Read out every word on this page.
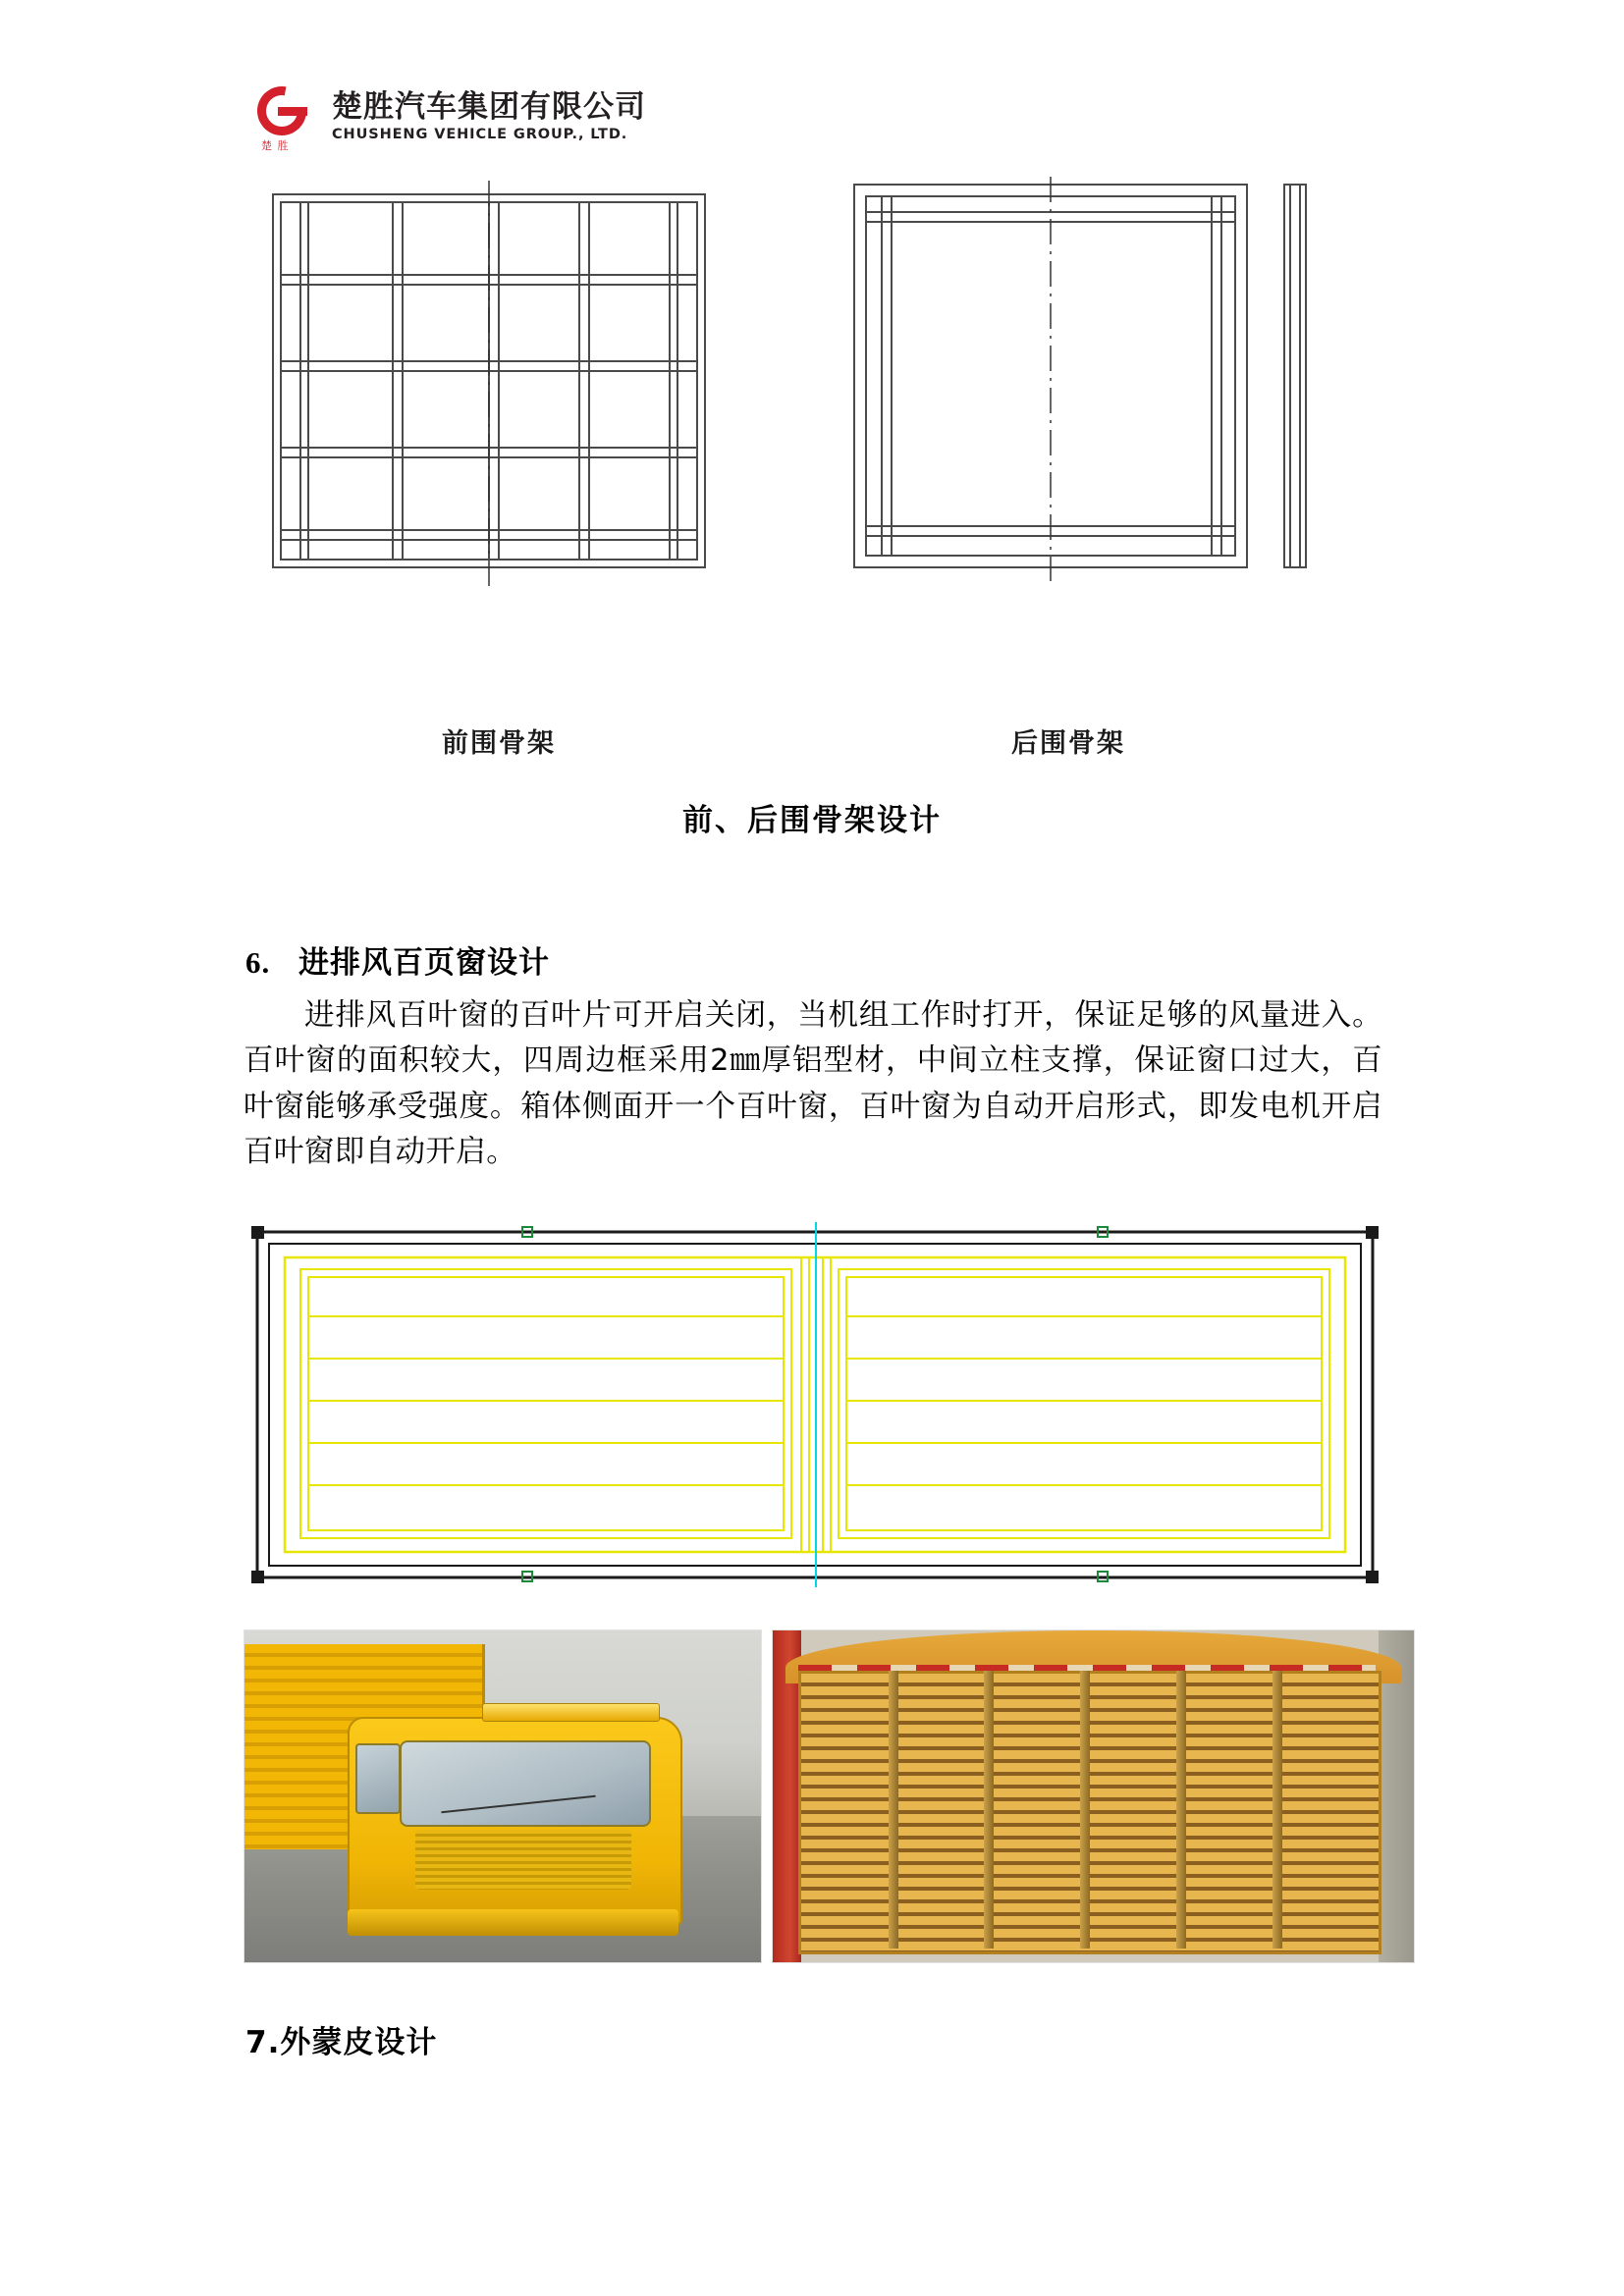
楚 胜
楚胜汽车集团有限公司
CHUSHENG VEHICLE GROUP., LTD.
前围骨架	后围骨架
前、后围骨架设计
6. 进排风百页窗设计
进排风百叶窗的百叶片可开启关闭，当机组工作时打开，保证足够的风量进入。百叶窗的面积较大，四周边框采用2㎜厚铝型材，中间立柱支撑，保证窗口过大，百叶窗能够承受强度。箱体侧面开一个百叶窗，百叶窗为自动开启形式，即发电机开启百叶窗即自动开启。
7.外蒙皮设计
